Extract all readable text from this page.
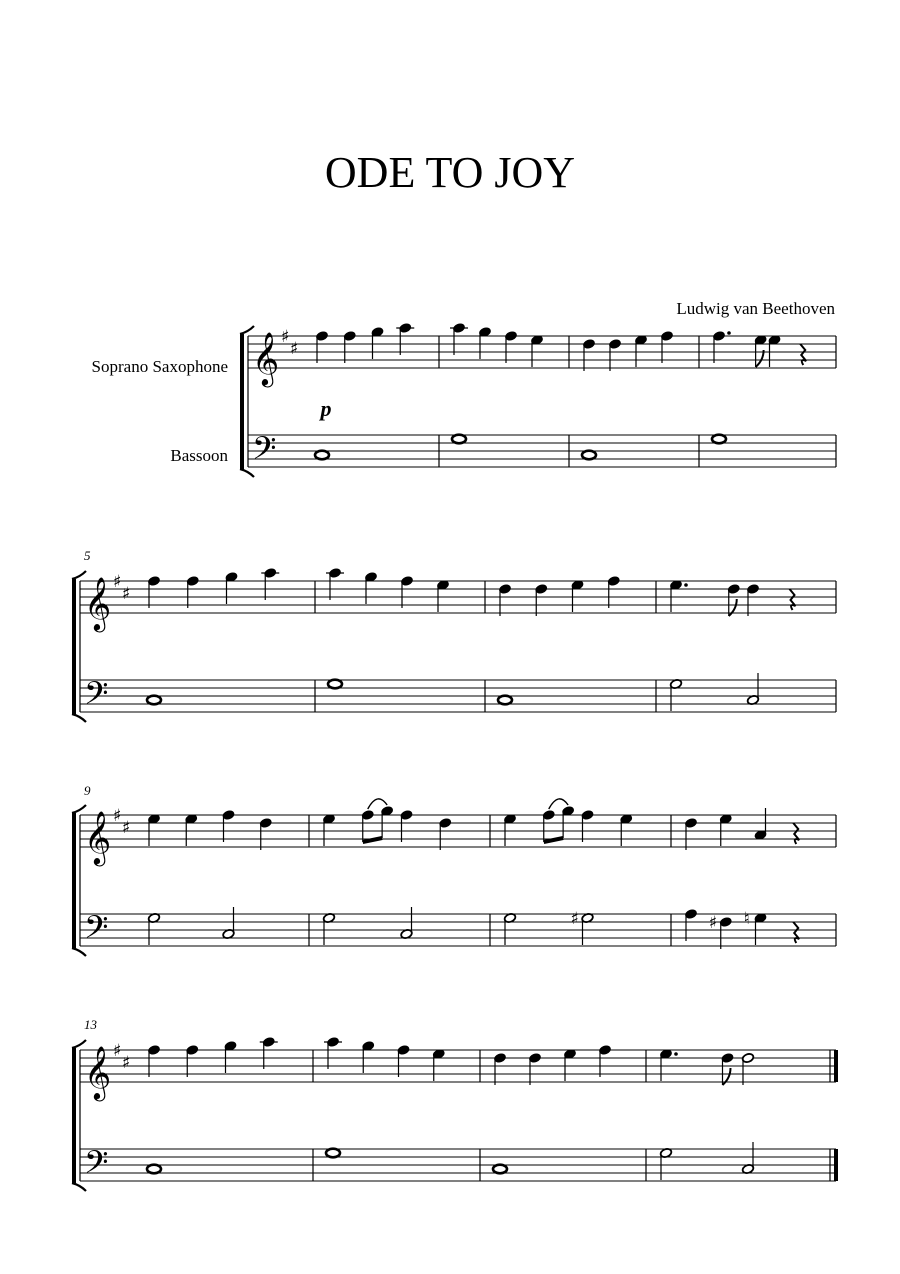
ODE TO JOY
Ludwig van Beethoven
Soprano Saxophone
Bassoon
p
5
9
13
𝄞 ♯
♯
𝄢
𝄞 ♯
♯
𝄢
𝄞 ♯
♯
𝄢	♯	♯ ♮
𝄞 ♯
♯
𝄢
